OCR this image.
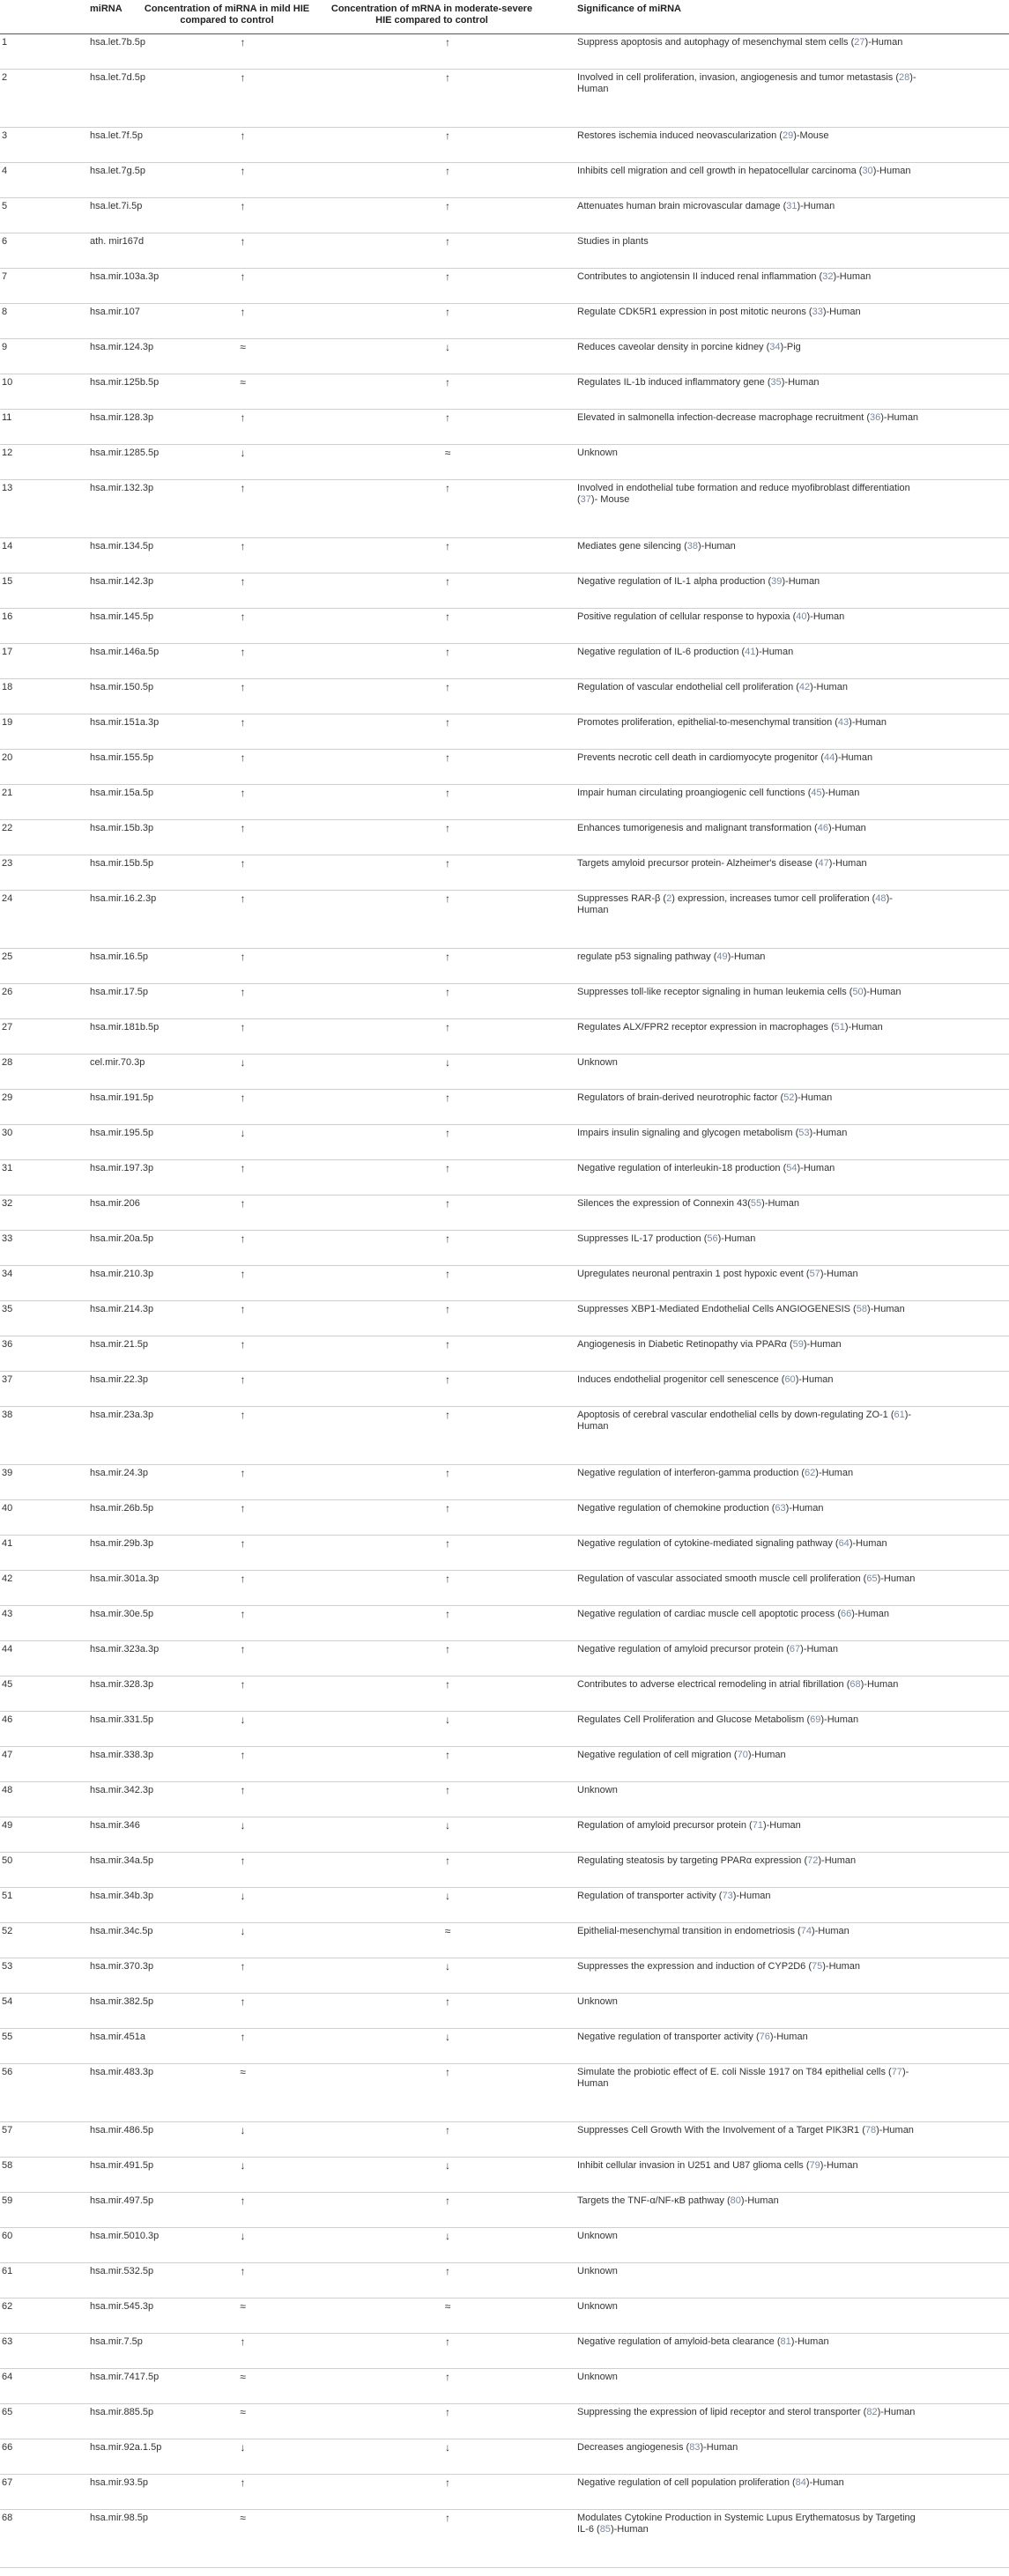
	miRNA	Concentration of miRNA in mild HIE compared to control	Concentration of mRNA in moderate-severe HIE compared to control	Significance of miRNA
1	hsa.let.7b.5p	↑	↑	Suppress apoptosis and autophagy of mesenchymal stem cells (27)-Human
2	hsa.let.7d.5p	↑	↑	Involved in cell proliferation, invasion, angiogenesis and tumor metastasis (28)-Human
3	hsa.let.7f.5p	↑	↑	Restores ischemia induced neovascularization (29)-Mouse
4	hsa.let.7g.5p	↑	↑	Inhibits cell migration and cell growth in hepatocellular carcinoma (30)-Human
5	hsa.let.7i.5p	↑	↑	Attenuates human brain microvascular damage (31)-Human
6	ath. mir167d	↑	↑	Studies in plants
7	hsa.mir.103a.3p	↑	↑	Contributes to angiotensin II induced renal inflammation (32)-Human
8	hsa.mir.107	↑	↑	Regulate CDK5R1 expression in post mitotic neurons (33)-Human
9	hsa.mir.124.3p	≈	↓	Reduces caveolar density in porcine kidney (34)-Pig
10	hsa.mir.125b.5p	≈	↑	Regulates IL-1b induced inflammatory gene (35)-Human
11	hsa.mir.128.3p	↑	↑	Elevated in salmonella infection-decrease macrophage recruitment (36)-Human
12	hsa.mir.1285.5p	↓	≈	Unknown
13	hsa.mir.132.3p	↑	↑	Involved in endothelial tube formation and reduce myofibroblast differentiation (37)- Mouse
14	hsa.mir.134.5p	↑	↑	Mediates gene silencing (38)-Human
15	hsa.mir.142.3p	↑	↑	Negative regulation of IL-1 alpha production (39)-Human
16	hsa.mir.145.5p	↑	↑	Positive regulation of cellular response to hypoxia (40)-Human
17	hsa.mir.146a.5p	↑	↑	Negative regulation of IL-6 production (41)-Human
18	hsa.mir.150.5p	↑	↑	Regulation of vascular endothelial cell proliferation (42)-Human
19	hsa.mir.151a.3p	↑	↑	Promotes proliferation, epithelial-to-mesenchymal transition (43)-Human
20	hsa.mir.155.5p	↑	↑	Prevents necrotic cell death in cardiomyocyte progenitor (44)-Human
21	hsa.mir.15a.5p	↑	↑	Impair human circulating proangiogenic cell functions (45)-Human
22	hsa.mir.15b.3p	↑	↑	Enhances tumorigenesis and malignant transformation (46)-Human
23	hsa.mir.15b.5p	↑	↑	Targets amyloid precursor protein- Alzheimer's disease (47)-Human
24	hsa.mir.16.2.3p	↑	↑	Suppresses RAR-β (2) expression, increases tumor cell proliferation (48)-Human
25	hsa.mir.16.5p	↑	↑	regulate p53 signaling pathway (49)-Human
26	hsa.mir.17.5p	↑	↑	Suppresses toll-like receptor signaling in human leukemia cells (50)-Human
27	hsa.mir.181b.5p	↑	↑	Regulates ALX/FPR2 receptor expression in macrophages (51)-Human
28	cel.mir.70.3p	↓	↓	Unknown
29	hsa.mir.191.5p	↑	↑	Regulators of brain-derived neurotrophic factor (52)-Human
30	hsa.mir.195.5p	↓	↑	Impairs insulin signaling and glycogen metabolism (53)-Human
31	hsa.mir.197.3p	↑	↑	Negative regulation of interleukin-18 production (54)-Human
32	hsa.mir.206	↑	↑	Silences the expression of Connexin 43(55)-Human
33	hsa.mir.20a.5p	↑	↑	Suppresses IL-17 production (56)-Human
34	hsa.mir.210.3p	↑	↑	Upregulates neuronal pentraxin 1 post hypoxic event (57)-Human
35	hsa.mir.214.3p	↑	↑	Suppresses XBP1-Mediated Endothelial Cells ANGIOGENESIS (58)-Human
36	hsa.mir.21.5p	↑	↑	Angiogenesis in Diabetic Retinopathy via PPARα (59)-Human
37	hsa.mir.22.3p	↑	↑	Induces endothelial progenitor cell senescence (60)-Human
38	hsa.mir.23a.3p	↑	↑	Apoptosis of cerebral vascular endothelial cells by down-regulating ZO-1 (61)-Human
39	hsa.mir.24.3p	↑	↑	Negative regulation of interferon-gamma production (62)-Human
40	hsa.mir.26b.5p	↑	↑	Negative regulation of chemokine production (63)-Human
41	hsa.mir.29b.3p	↑	↑	Negative regulation of cytokine-mediated signaling pathway (64)-Human
42	hsa.mir.301a.3p	↑	↑	Regulation of vascular associated smooth muscle cell proliferation (65)-Human
43	hsa.mir.30e.5p	↑	↑	Negative regulation of cardiac muscle cell apoptotic process (66)-Human
44	hsa.mir.323a.3p	↑	↑	Negative regulation of amyloid precursor protein (67)-Human
45	hsa.mir.328.3p	↑	↑	Contributes to adverse electrical remodeling in atrial fibrillation (68)-Human
46	hsa.mir.331.5p	↓	↓	Regulates Cell Proliferation and Glucose Metabolism (69)-Human
47	hsa.mir.338.3p	↑	↑	Negative regulation of cell migration (70)-Human
48	hsa.mir.342.3p	↑	↑	Unknown
49	hsa.mir.346	↓	↓	Regulation of amyloid precursor protein (71)-Human
50	hsa.mir.34a.5p	↑	↑	Regulating steatosis by targeting PPARα expression (72)-Human
51	hsa.mir.34b.3p	↓	↓	Regulation of transporter activity (73)-Human
52	hsa.mir.34c.5p	↓	≈	Epithelial-mesenchymal transition in endometriosis (74)-Human
53	hsa.mir.370.3p	↑	↓	Suppresses the expression and induction of CYP2D6 (75)-Human
54	hsa.mir.382.5p	↑	↑	Unknown
55	hsa.mir.451a	↑	↓	Negative regulation of transporter activity (76)-Human
56	hsa.mir.483.3p	≈	↑	Simulate the probiotic effect of E. coli Nissle 1917 on T84 epithelial cells (77)-Human
57	hsa.mir.486.5p	↓	↑	Suppresses Cell Growth With the Involvement of a Target PIK3R1 (78)-Human
58	hsa.mir.491.5p	↓	↓	Inhibit cellular invasion in U251 and U87 glioma cells (79)-Human
59	hsa.mir.497.5p	↑	↑	Targets the TNF-α/NF-κB pathway (80)-Human
60	hsa.mir.5010.3p	↓	↓	Unknown
61	hsa.mir.532.5p	↑	↑	Unknown
62	hsa.mir.545.3p	≈	≈	Unknown
63	hsa.mir.7.5p	↑	↑	Negative regulation of amyloid-beta clearance (81)-Human
64	hsa.mir.7417.5p	≈	↑	Unknown
65	hsa.mir.885.5p	≈	↑	Suppressing the expression of lipid receptor and sterol transporter (82)-Human
66	hsa.mir.92a.1.5p	↓	↓	Decreases angiogenesis (83)-Human
67	hsa.mir.93.5p	↑	↑	Negative regulation of cell population proliferation (84)-Human
68	hsa.mir.98.5p	≈	↑	Modulates Cytokine Production in Systemic Lupus Erythematosus by Targeting IL-6 (85)-Human
